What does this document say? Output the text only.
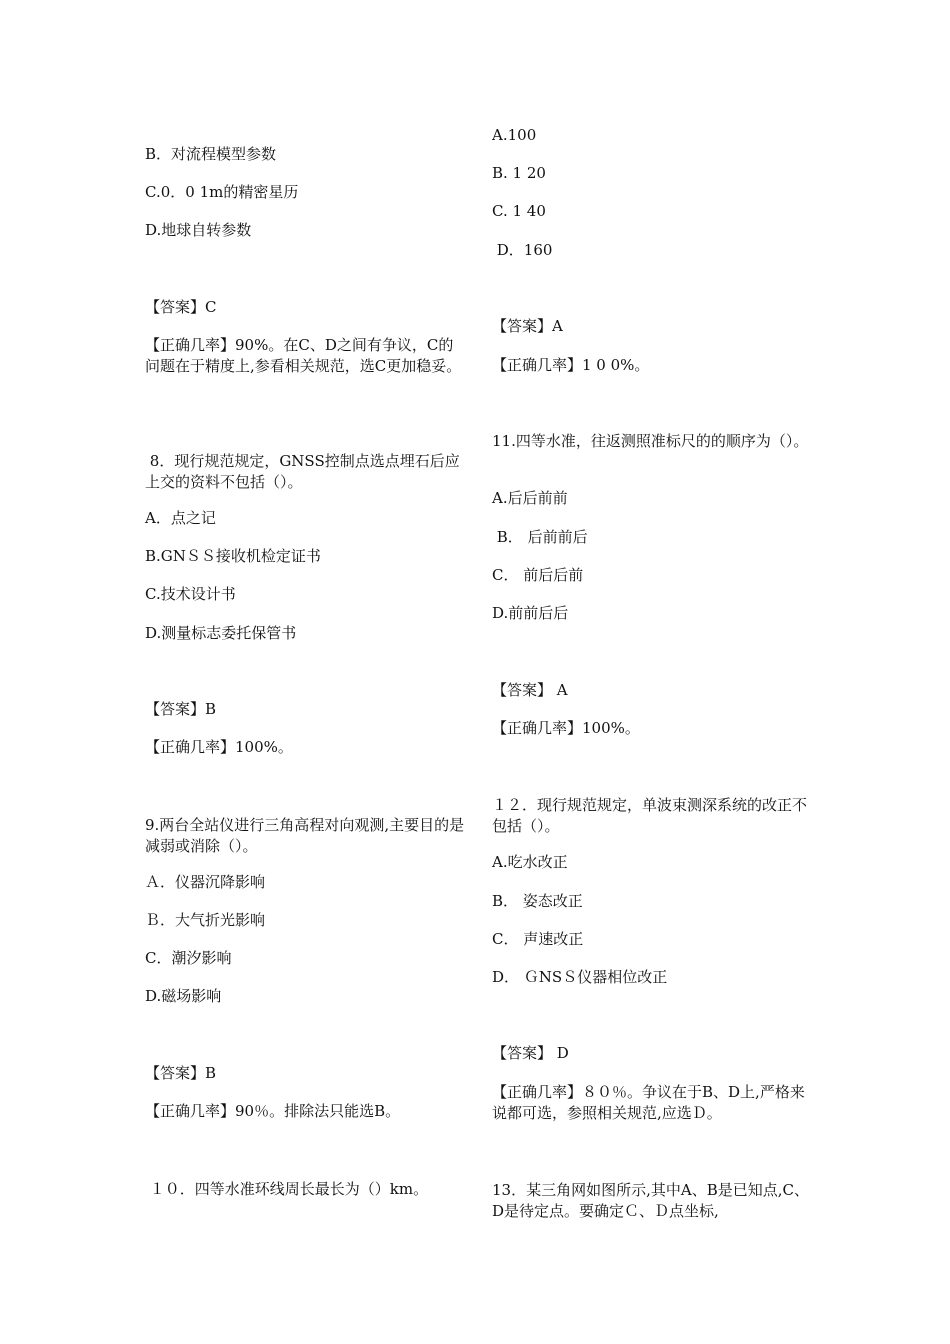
B．对流程模型参数
C.0．0 1m的精密星历
D.地球自转参数
【答案】C
【正确几率】90%。在C、D之间有争议，C的问题在于精度上,参看相关规范，选C更加稳妥。
8．现行规范规定，GNSS控制点选点埋石后应上交的资料不包括（）。
A．点之记
B.GNＳＳ接收机检定证书
C.技术设计书
D.测量标志委托保管书
【答案】B
【正确几率】100%。
9.两台全站仪进行三角高程对向观测,主要目的是减弱或消除（）。
Ａ．仪器沉降影响
Ｂ．大气折光影响
C．潮汐影响
D.磁场影响
【答案】B
【正确几率】90％。排除法只能选B。
１０．四等水准环线周长最长为（）km。
A.100
B. 1 20
C. 1 40
D．160
【答案】A
【正确几率】1 0 0%。
11.四等水准，往返测照准标尺的的顺序为（）。
A.后后前前
B． 后前前后
C． 前后后前
D.前前后后
【答案】 A
【正确几率】100%。
１２．现行规范规定，单波束测深系统的改正不包括（）。
A.吃水改正
B． 姿态改正
C． 声速改正
D． ＧNSＳ仪器相位改正
【答案】 D
【正确几率】８０％。争议在于B、D上,严格来说都可选，参照相关规范,应选Ｄ。
13．某三角网如图所示,其中A、B是已知点,C、D是待定点。要确定Ｃ、Ｄ点坐标,
